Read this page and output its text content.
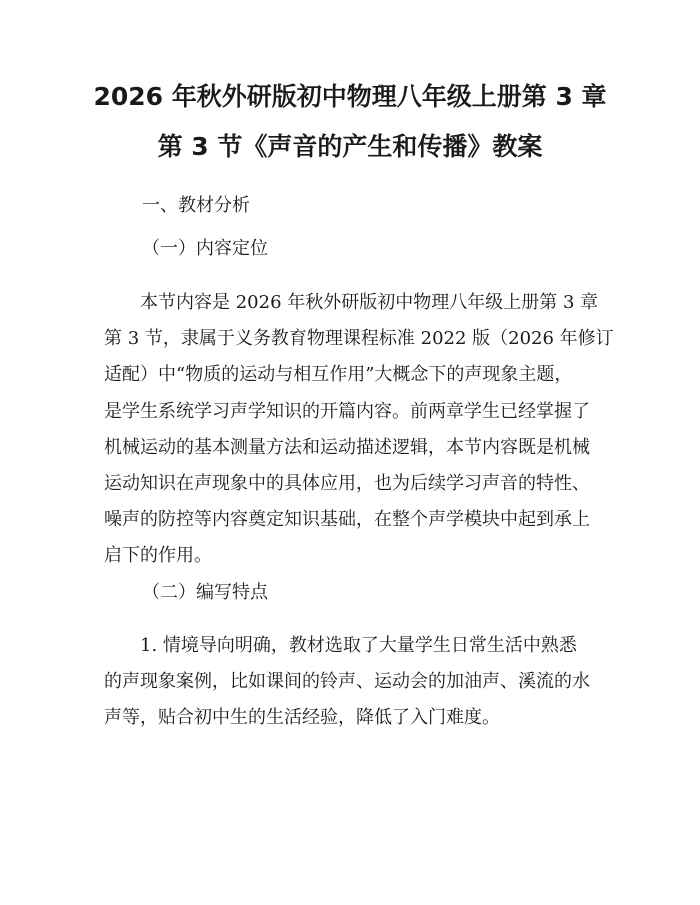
2026 年秋外研版初中物理八年级上册第 3 章
第 3 节《声音的产生和传播》教案
一、教材分析
（一）内容定位
本节内容是 2026 年秋外研版初中物理八年级上册第 3 章
第 3 节，隶属于义务教育物理课程标准 2022 版（2026 年修订
适配）中“物质的运动与相互作用”大概念下的声现象主题，
是学生系统学习声学知识的开篇内容。前两章学生已经掌握了
机械运动的基本测量方法和运动描述逻辑，本节内容既是机械
运动知识在声现象中的具体应用，也为后续学习声音的特性、
噪声的防控等内容奠定知识基础，在整个声学模块中起到承上
启下的作用。
（二）编写特点
1. 情境导向明确，教材选取了大量学生日常生活中熟悉
的声现象案例，比如课间的铃声、运动会的加油声、溪流的水
声等，贴合初中生的生活经验，降低了入门难度。
